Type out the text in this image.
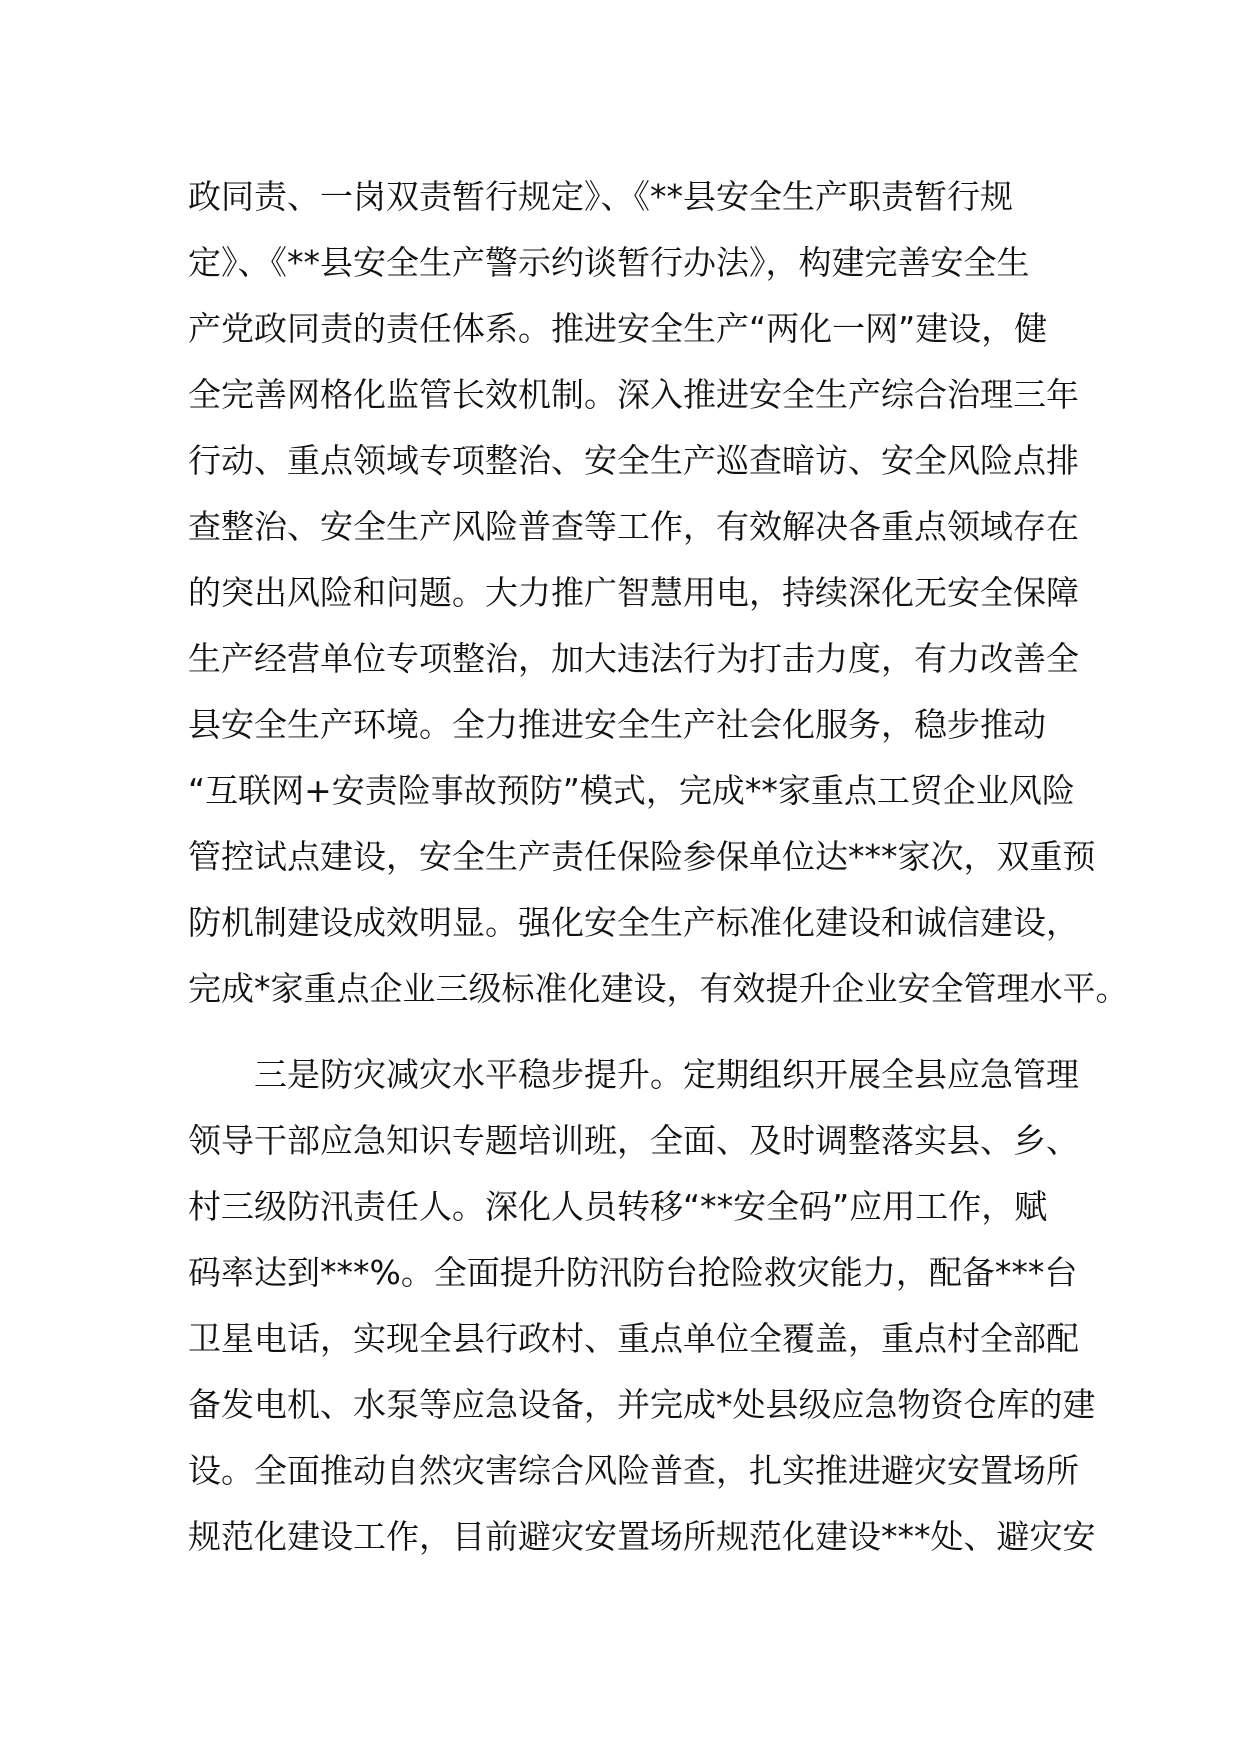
政同责、一岗双责暂行规定》、《**县安全生产职责暂行规
定》、《**县安全生产警示约谈暂行办法》，构建完善安全生
产党政同责的责任体系。推进安全生产“两化一网”建设，健
全完善网格化监管长效机制。深入推进安全生产综合治理三年
行动、重点领域专项整治、安全生产巡查暗访、安全风险点排
查整治、安全生产风险普查等工作，有效解决各重点领域存在
的突出风险和问题。大力推广智慧用电，持续深化无安全保障
生产经营单位专项整治，加大违法行为打击力度，有力改善全
县安全生产环境。全力推进安全生产社会化服务，稳步推动
“互联网+安责险事故预防”模式，完成**家重点工贸企业风险
管控试点建设，安全生产责任保险参保单位达***家次，双重预
防机制建设成效明显。强化安全生产标准化建设和诚信建设，
完成*家重点企业三级标准化建设，有效提升企业安全管理水平。
三是防灾减灾水平稳步提升。定期组织开展全县应急管理
领导干部应急知识专题培训班，全面、及时调整落实县、乡、
村三级防汛责任人。深化人员转移“**安全码”应用工作，赋
码率达到***%。全面提升防汛防台抢险救灾能力，配备***台
卫星电话，实现全县行政村、重点单位全覆盖，重点村全部配
备发电机、水泵等应急设备，并完成*处县级应急物资仓库的建
设。全面推动自然灾害综合风险普查，扎实推进避灾安置场所
规范化建设工作，目前避灾安置场所规范化建设***处、避灾安
